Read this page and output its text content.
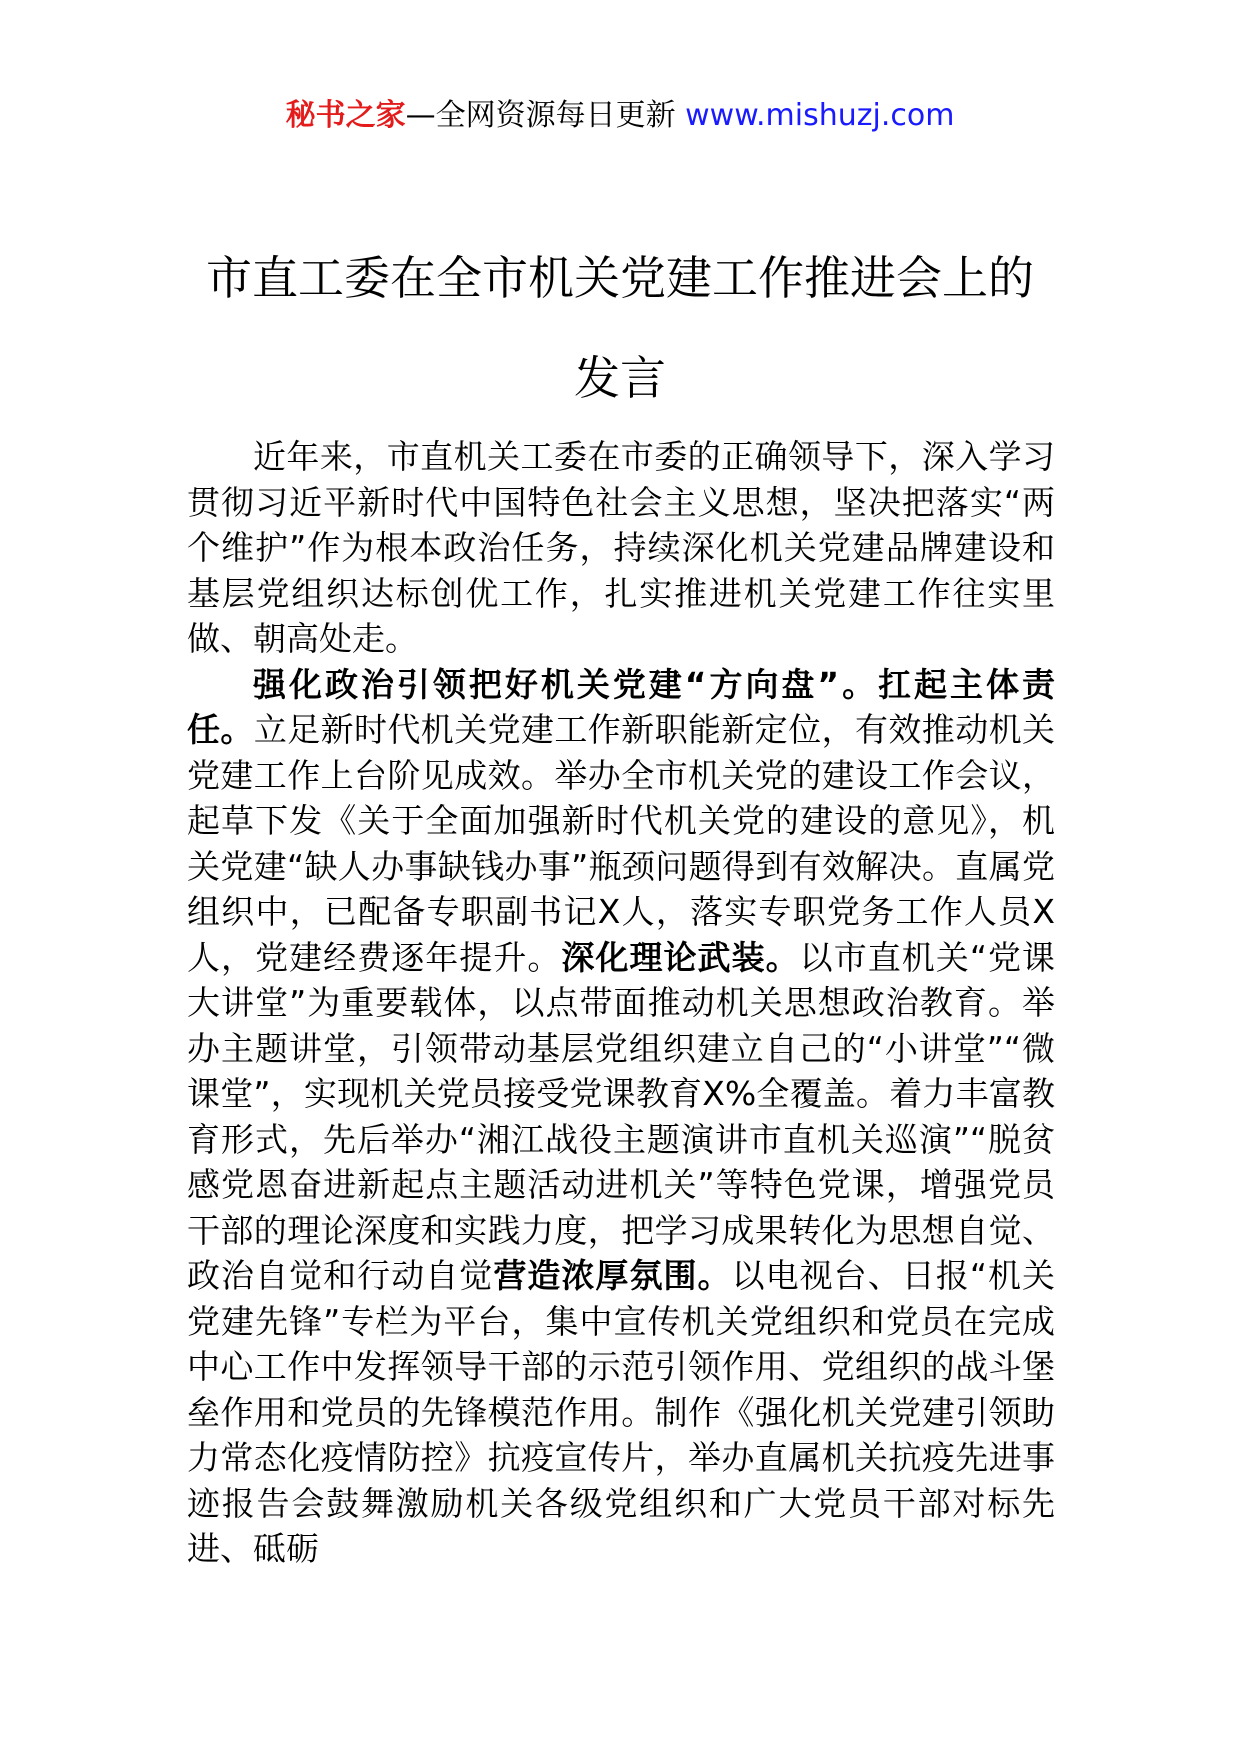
秘书之家—全网资源每日更新 www.mishuzj.com
市直工委在全市机关党建工作推进会上的
发言

近年来，市直机关工委在市委的正确领导下，深入学习贯彻习近平新时代中国特色社会主义思想，坚决把落实“两个维护”作为根本政治任务，持续深化机关党建品牌建设和基层党组织达标创优工作，扎实推进机关党建工作往实里做、朝高处走。

强化政治引领把好机关党建“方向盘”。扛起主体责任。立足新时代机关党建工作新职能新定位，有效推动机关党建工作上台阶见成效。举办全市机关党的建设工作会议，起草下发《关于全面加强新时代机关党的建设的意见》，机关党建“缺人办事缺钱办事”瓶颈问题得到有效解决。直属党组织中，已配备专职副书记X人，落实专职党务工作人员X人，党建经费逐年提升。深化理论武装。以市直机关“党课大讲堂”为重要载体，以点带面推动机关思想政治教育。举办主题讲堂，引领带动基层党组织建立自己的“小讲堂”“微课堂”，实现机关党员接受党课教育X%全覆盖。着力丰富教育形式，先后举办“湘江战役主题演讲市直机关巡演”“脱贫感党恩奋进新起点主题活动进机关”等特色党课，增强党员干部的理论深度和实践力度，把学习成果转化为思想自觉、政治自觉和行动自觉营造浓厚氛围。以电视台、日报“机关党建先锋”专栏为平台，集中宣传机关党组织和党员在完成中心工作中发挥领导干部的示范引领作用、党组织的战斗堡垒作用和党员的先锋模范作用。制作《强化机关党建引领助力常态化疫情防控》抗疫宣传片，举办直属机关抗疫先进事迹报告会鼓舞激励机关各级党组织和广大党员干部对标先进、砥砺
